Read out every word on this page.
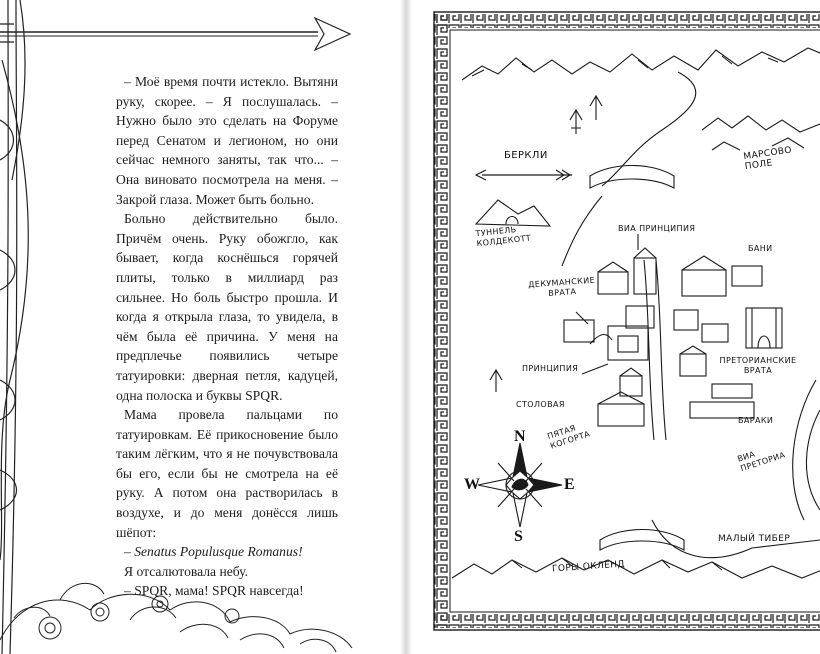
– Моё время почти истекло. Вытяни руку, скорее. – Я послушалась. – Нужно было это сделать на Форуме перед Сенатом и легионом, но они сейчас немного заняты, так что... – Она виновато посмотрела на меня. – Закрой глаза. Может быть больно.

Больно действительно было. Причём очень. Руку обожгло, как бывает, когда коснёшься горячей плиты, только в миллиард раз сильнее. Но боль быстро прошла. И когда я открыла глаза, то увидела, в чём была её причина. У меня на предплечье появились четыре татуировки: дверная петля, кадуцей, одна полоска и буквы SPQR.

Мама провела пальцами по татуировкам. Её прикосновение было таким лёгким, что я не почувствовала бы его, если бы не смотрела на её руку. А потом она растворилась в воздухе, и до меня донёсся лишь шёпот:

– Senatus Populusque Romanus!

Я отсалютовала небу.

– SPQR, мама! SPQR навсегда!

БЕРКЛИ	МАРСОВО ПОЛЕ
ТУННЕЛЬ КОЛДЕКОТТ
ВИА ПРИНЦИПИЯ
БАНИ
ДЕКУМАНСКИЕ ВРАТА
ПРИНЦИПИЯ
ПРЕТОРИАНСКИЕ ВРАТА
СТОЛОВАЯ
ПЯТАЯ КОГОРТА
БАРАКИ
ВИА ПРЕТОРИА
МАЛЫЙ ТИБЕР
ГОРЫ ОКЛЕНД
N
S
E
W
